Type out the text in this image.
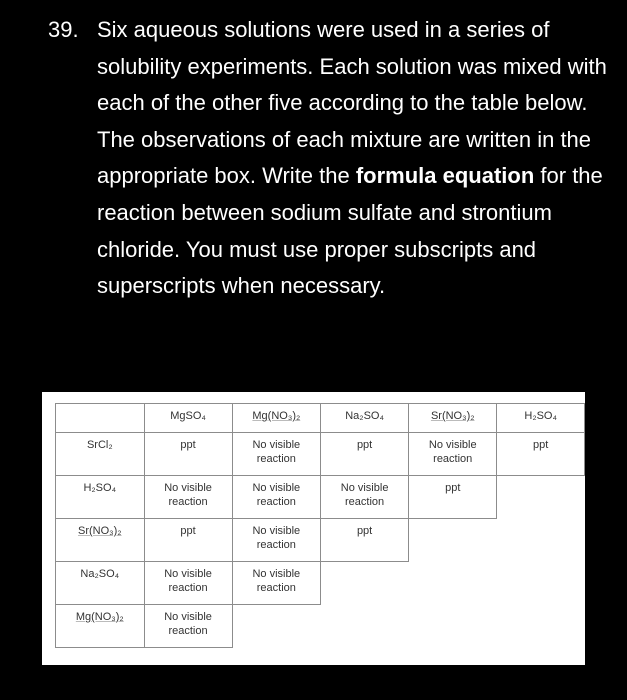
39. Six aqueous solutions were used in a series of solubility experiments. Each solution was mixed with each of the other five according to the table below. The observations of each mixture are written in the appropriate box. Write the formula equation for the reaction between sodium sulfate and strontium chloride. You must use proper subscripts and superscripts when necessary.
	MgSO₄	Mg(NO₃)₂	Na₂SO₄	Sr(NO₃)₂	H₂SO₄
SrCl₂	ppt	No visible reaction	ppt	No visible reaction	ppt
H₂SO₄	No visible reaction	No visible reaction	No visible reaction	ppt	
Sr(NO₃)₂	ppt	No visible reaction	ppt		
Na₂SO₄	No visible reaction	No visible reaction			
Mg(NO₃)₂	No visible reaction				
